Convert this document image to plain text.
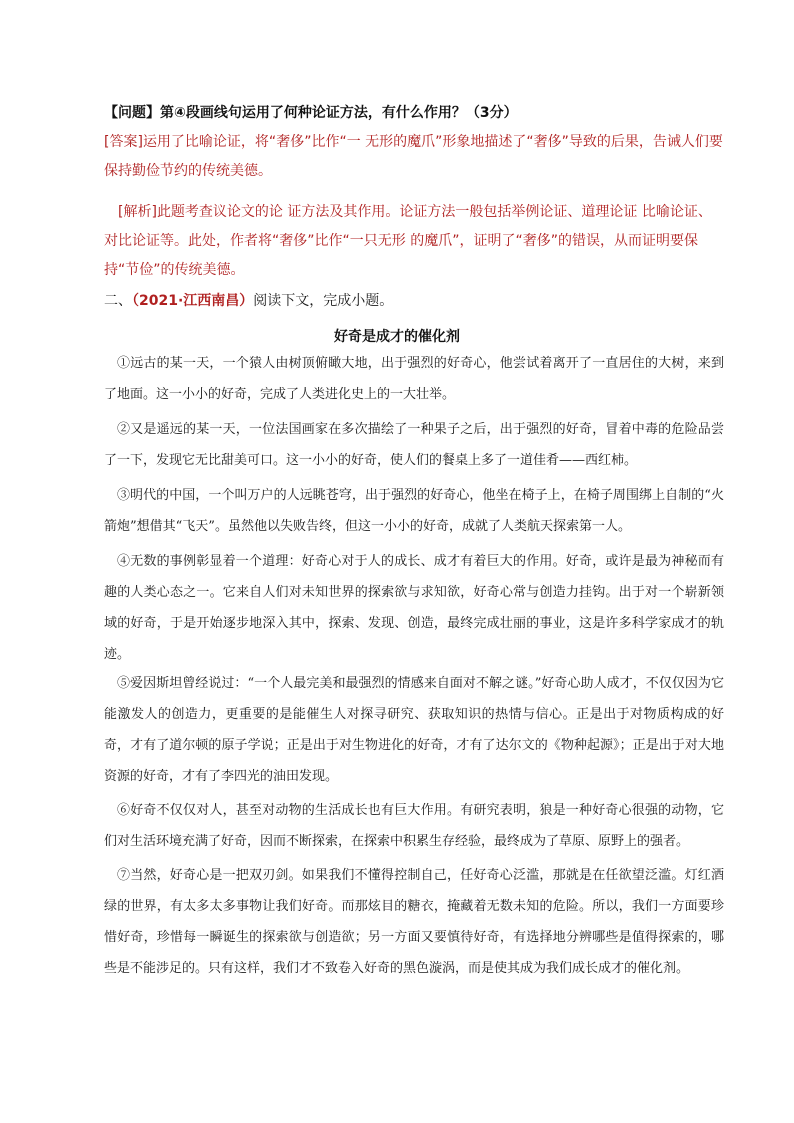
【问题】第④段画线句运用了何种论证方法，有什么作用？（3分）
[答案]运用了比喻论证，将“奢侈”比作“一 无形的魔爪”形象地描述了“奢侈”导致的后果，告诫人们要保持勤俭节约的传统美德。
[解析]此题考查议论文的论 证方法及其作用。论证方法一般包括举例论证、道理论证 比喻论证、对比论证等。此处，作者将“奢侈”比作“一只无形 的魔爪”，证明了“奢侈”的错误，从而证明要保持“节俭”的传统美德。
二、（2021·江西南昌）阅读下文，完成小题。
好奇是成才的催化剂
①远古的某一天，一个猿人由树顶俯瞰大地，出于强烈的好奇心，他尝试着离开了一直居住的大树，来到了地面。这一小小的好奇，完成了人类进化史上的一大壮举。
②又是遥远的某一天，一位法国画家在多次描绘了一种果子之后，出于强烈的好奇，冒着中毒的危险品尝了一下，发现它无比甜美可口。这一小小的好奇，使人们的餐桌上多了一道佳肴——西红柿。
③明代的中国，一个叫万户的人远眺苍穹，出于强烈的好奇心，他坐在椅子上，在椅子周围绑上自制的“火箭炮”想借其“飞天”。虽然他以失败告终，但这一小小的好奇，成就了人类航天探索第一人。
④无数的事例彰显着一个道理：好奇心对于人的成长、成才有着巨大的作用。好奇，或许是最为神秘而有趣的人类心态之一。它来自人们对未知世界的探索欲与求知欲，好奇心常与创造力挂钩。出于对一个崭新领域的好奇，于是开始逐步地深入其中，探索、发现、创造，最终完成壮丽的事业，这是许多科学家成才的轨迹。
⑤爱因斯坦曾经说过：“一个人最完美和最强烈的情感来自面对不解之谜。”好奇心助人成才，不仅仅因为它能激发人的创造力，更重要的是能催生人对探寻研究、获取知识的热情与信心。正是出于对物质构成的好奇，才有了道尔顿的原子学说；正是出于对生物进化的好奇，才有了达尔文的《物种起源》；正是出于对大地资源的好奇，才有了李四光的油田发现。
⑥好奇不仅仅对人，甚至对动物的生活成长也有巨大作用。有研究表明，狼是一种好奇心很强的动物，它们对生活环境充满了好奇，因而不断探索，在探索中积累生存经验，最终成为了草原、原野上的强者。
⑦当然，好奇心是一把双刃剑。如果我们不懂得控制自己，任好奇心泛滥，那就是在任欲望泛滥。灯红酒绿的世界，有太多太多事物让我们好奇。而那炫目的糖衣，掩藏着无数未知的危险。所以，我们一方面要珍惜好奇，珍惜每一瞬诞生的探索欲与创造欲；另一方面又要慎待好奇，有选择地分辨哪些是值得探索的，哪些是不能涉足的。只有这样，我们才不致卷入好奇的黑色漩涡，而是使其成为我们成长成才的催化剂。
